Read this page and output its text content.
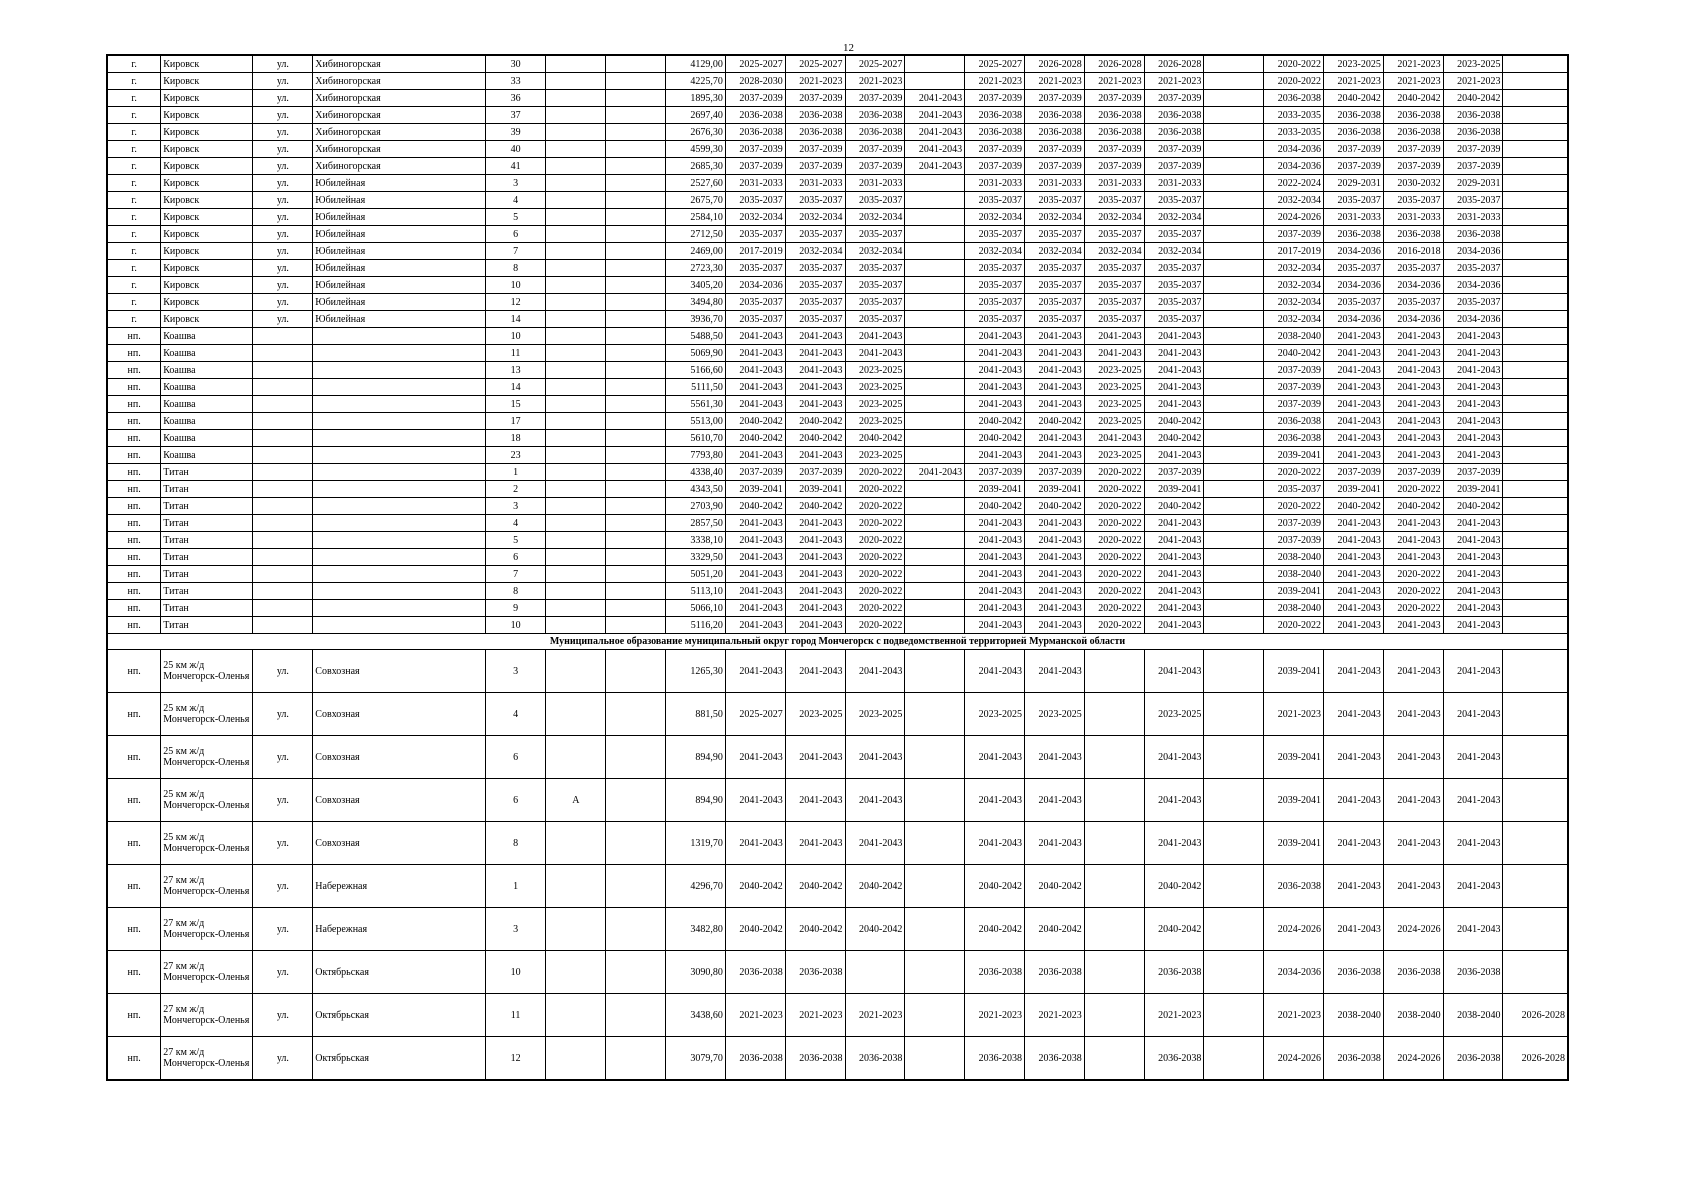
12
г.	Кировск	ул.	Хибиногорская	30			4129,00	2025-2027	2025-2027	2025-2027		2025-2027	2026-2028	2026-2028	2026-2028		2020-2022	2023-2025	2021-2023	2023-2025	
г.	Кировск	ул.	Хибиногорская	33			4225,70	2028-2030	2021-2023	2021-2023		2021-2023	2021-2023	2021-2023	2021-2023		2020-2022	2021-2023	2021-2023	2021-2023	
г.	Кировск	ул.	Хибиногорская	36			1895,30	2037-2039	2037-2039	2037-2039	2041-2043	2037-2039	2037-2039	2037-2039	2037-2039		2036-2038	2040-2042	2040-2042	2040-2042	
г.	Кировск	ул.	Хибиногорская	37			2697,40	2036-2038	2036-2038	2036-2038	2041-2043	2036-2038	2036-2038	2036-2038	2036-2038		2033-2035	2036-2038	2036-2038	2036-2038	
г.	Кировск	ул.	Хибиногорская	39			2676,30	2036-2038	2036-2038	2036-2038	2041-2043	2036-2038	2036-2038	2036-2038	2036-2038		2033-2035	2036-2038	2036-2038	2036-2038	
г.	Кировск	ул.	Хибиногорская	40			4599,30	2037-2039	2037-2039	2037-2039	2041-2043	2037-2039	2037-2039	2037-2039	2037-2039		2034-2036	2037-2039	2037-2039	2037-2039	
г.	Кировск	ул.	Хибиногорская	41			2685,30	2037-2039	2037-2039	2037-2039	2041-2043	2037-2039	2037-2039	2037-2039	2037-2039		2034-2036	2037-2039	2037-2039	2037-2039	
г.	Кировск	ул.	Юбилейная	3			2527,60	2031-2033	2031-2033	2031-2033		2031-2033	2031-2033	2031-2033	2031-2033		2022-2024	2029-2031	2030-2032	2029-2031	
г.	Кировск	ул.	Юбилейная	4			2675,70	2035-2037	2035-2037	2035-2037		2035-2037	2035-2037	2035-2037	2035-2037		2032-2034	2035-2037	2035-2037	2035-2037	
г.	Кировск	ул.	Юбилейная	5			2584,10	2032-2034	2032-2034	2032-2034		2032-2034	2032-2034	2032-2034	2032-2034		2024-2026	2031-2033	2031-2033	2031-2033	
г.	Кировск	ул.	Юбилейная	6			2712,50	2035-2037	2035-2037	2035-2037		2035-2037	2035-2037	2035-2037	2035-2037		2037-2039	2036-2038	2036-2038	2036-2038	
г.	Кировск	ул.	Юбилейная	7			2469,00	2017-2019	2032-2034	2032-2034		2032-2034	2032-2034	2032-2034	2032-2034		2017-2019	2034-2036	2016-2018	2034-2036	
г.	Кировск	ул.	Юбилейная	8			2723,30	2035-2037	2035-2037	2035-2037		2035-2037	2035-2037	2035-2037	2035-2037		2032-2034	2035-2037	2035-2037	2035-2037	
г.	Кировск	ул.	Юбилейная	10			3405,20	2034-2036	2035-2037	2035-2037		2035-2037	2035-2037	2035-2037	2035-2037		2032-2034	2034-2036	2034-2036	2034-2036	
г.	Кировск	ул.	Юбилейная	12			3494,80	2035-2037	2035-2037	2035-2037		2035-2037	2035-2037	2035-2037	2035-2037		2032-2034	2035-2037	2035-2037	2035-2037	
г.	Кировск	ул.	Юбилейная	14			3936,70	2035-2037	2035-2037	2035-2037		2035-2037	2035-2037	2035-2037	2035-2037		2032-2034	2034-2036	2034-2036	2034-2036	
нп.	Коашва			10			5488,50	2041-2043	2041-2043	2041-2043		2041-2043	2041-2043	2041-2043	2041-2043		2038-2040	2041-2043	2041-2043	2041-2043	
нп.	Коашва			11			5069,90	2041-2043	2041-2043	2041-2043		2041-2043	2041-2043	2041-2043	2041-2043		2040-2042	2041-2043	2041-2043	2041-2043	
нп.	Коашва			13			5166,60	2041-2043	2041-2043	2023-2025		2041-2043	2041-2043	2023-2025	2041-2043		2037-2039	2041-2043	2041-2043	2041-2043	
нп.	Коашва			14			5111,50	2041-2043	2041-2043	2023-2025		2041-2043	2041-2043	2023-2025	2041-2043		2037-2039	2041-2043	2041-2043	2041-2043	
нп.	Коашва			15			5561,30	2041-2043	2041-2043	2023-2025		2041-2043	2041-2043	2023-2025	2041-2043		2037-2039	2041-2043	2041-2043	2041-2043	
нп.	Коашва			17			5513,00	2040-2042	2040-2042	2023-2025		2040-2042	2040-2042	2023-2025	2040-2042		2036-2038	2041-2043	2041-2043	2041-2043	
нп.	Коашва			18			5610,70	2040-2042	2040-2042	2040-2042		2040-2042	2041-2043	2041-2043	2040-2042		2036-2038	2041-2043	2041-2043	2041-2043	
нп.	Коашва			23			7793,80	2041-2043	2041-2043	2023-2025		2041-2043	2041-2043	2023-2025	2041-2043		2039-2041	2041-2043	2041-2043	2041-2043	
нп.	Титан			1			4338,40	2037-2039	2037-2039	2020-2022	2041-2043	2037-2039	2037-2039	2020-2022	2037-2039		2020-2022	2037-2039	2037-2039	2037-2039	
нп.	Титан			2			4343,50	2039-2041	2039-2041	2020-2022		2039-2041	2039-2041	2020-2022	2039-2041		2035-2037	2039-2041	2020-2022	2039-2041	
нп.	Титан			3			2703,90	2040-2042	2040-2042	2020-2022		2040-2042	2040-2042	2020-2022	2040-2042		2020-2022	2040-2042	2040-2042	2040-2042	
нп.	Титан			4			2857,50	2041-2043	2041-2043	2020-2022		2041-2043	2041-2043	2020-2022	2041-2043		2037-2039	2041-2043	2041-2043	2041-2043	
нп.	Титан			5			3338,10	2041-2043	2041-2043	2020-2022		2041-2043	2041-2043	2020-2022	2041-2043		2037-2039	2041-2043	2041-2043	2041-2043	
нп.	Титан			6			3329,50	2041-2043	2041-2043	2020-2022		2041-2043	2041-2043	2020-2022	2041-2043		2038-2040	2041-2043	2041-2043	2041-2043	
нп.	Титан			7			5051,20	2041-2043	2041-2043	2020-2022		2041-2043	2041-2043	2020-2022	2041-2043		2038-2040	2041-2043	2020-2022	2041-2043	
нп.	Титан			8			5113,10	2041-2043	2041-2043	2020-2022		2041-2043	2041-2043	2020-2022	2041-2043		2039-2041	2041-2043	2020-2022	2041-2043	
нп.	Титан			9			5066,10	2041-2043	2041-2043	2020-2022		2041-2043	2041-2043	2020-2022	2041-2043		2038-2040	2041-2043	2020-2022	2041-2043	
нп.	Титан			10			5116,20	2041-2043	2041-2043	2020-2022		2041-2043	2041-2043	2020-2022	2041-2043		2020-2022	2041-2043	2041-2043	2041-2043	
Муниципальное образование муниципальный округ город Мончегорск с подведомственной территорией Мурманской области																					
нп.	25 км ж/д Мончегорск-Оленья	ул.	Совхозная	3			1265,30	2041-2043	2041-2043	2041-2043		2041-2043	2041-2043		2041-2043		2039-2041	2041-2043	2041-2043	2041-2043	
нп.	25 км ж/д Мончегорск-Оленья	ул.	Совхозная	4			881,50	2025-2027	2023-2025	2023-2025		2023-2025	2023-2025		2023-2025		2021-2023	2041-2043	2041-2043	2041-2043	
нп.	25 км ж/д Мончегорск-Оленья	ул.	Совхозная	6			894,90	2041-2043	2041-2043	2041-2043		2041-2043	2041-2043		2041-2043		2039-2041	2041-2043	2041-2043	2041-2043	
нп.	25 км ж/д Мончегорск-Оленья	ул.	Совхозная	6	А		894,90	2041-2043	2041-2043	2041-2043		2041-2043	2041-2043		2041-2043		2039-2041	2041-2043	2041-2043	2041-2043	
нп.	25 км ж/д Мончегорск-Оленья	ул.	Совхозная	8			1319,70	2041-2043	2041-2043	2041-2043		2041-2043	2041-2043		2041-2043		2039-2041	2041-2043	2041-2043	2041-2043	
нп.	27 км ж/д Мончегорск-Оленья	ул.	Набережная	1			4296,70	2040-2042	2040-2042	2040-2042		2040-2042	2040-2042		2040-2042		2036-2038	2041-2043	2041-2043	2041-2043	
нп.	27 км ж/д Мончегорск-Оленья	ул.	Набережная	3			3482,80	2040-2042	2040-2042	2040-2042		2040-2042	2040-2042		2040-2042		2024-2026	2041-2043	2024-2026	2041-2043	
нп.	27 км ж/д Мончегорск-Оленья	ул.	Октябрьская	10			3090,80	2036-2038	2036-2038			2036-2038	2036-2038		2036-2038		2034-2036	2036-2038	2036-2038	2036-2038	
нп.	27 км ж/д Мончегорск-Оленья	ул.	Октябрьская	11			3438,60	2021-2023	2021-2023	2021-2023		2021-2023	2021-2023		2021-2023		2021-2023	2038-2040	2038-2040	2038-2040	2026-2028
нп.	27 км ж/д Мончегорск-Оленья	ул.	Октябрьская	12			3079,70	2036-2038	2036-2038	2036-2038		2036-2038	2036-2038		2036-2038		2024-2026	2036-2038	2024-2026	2036-2038	2026-2028
